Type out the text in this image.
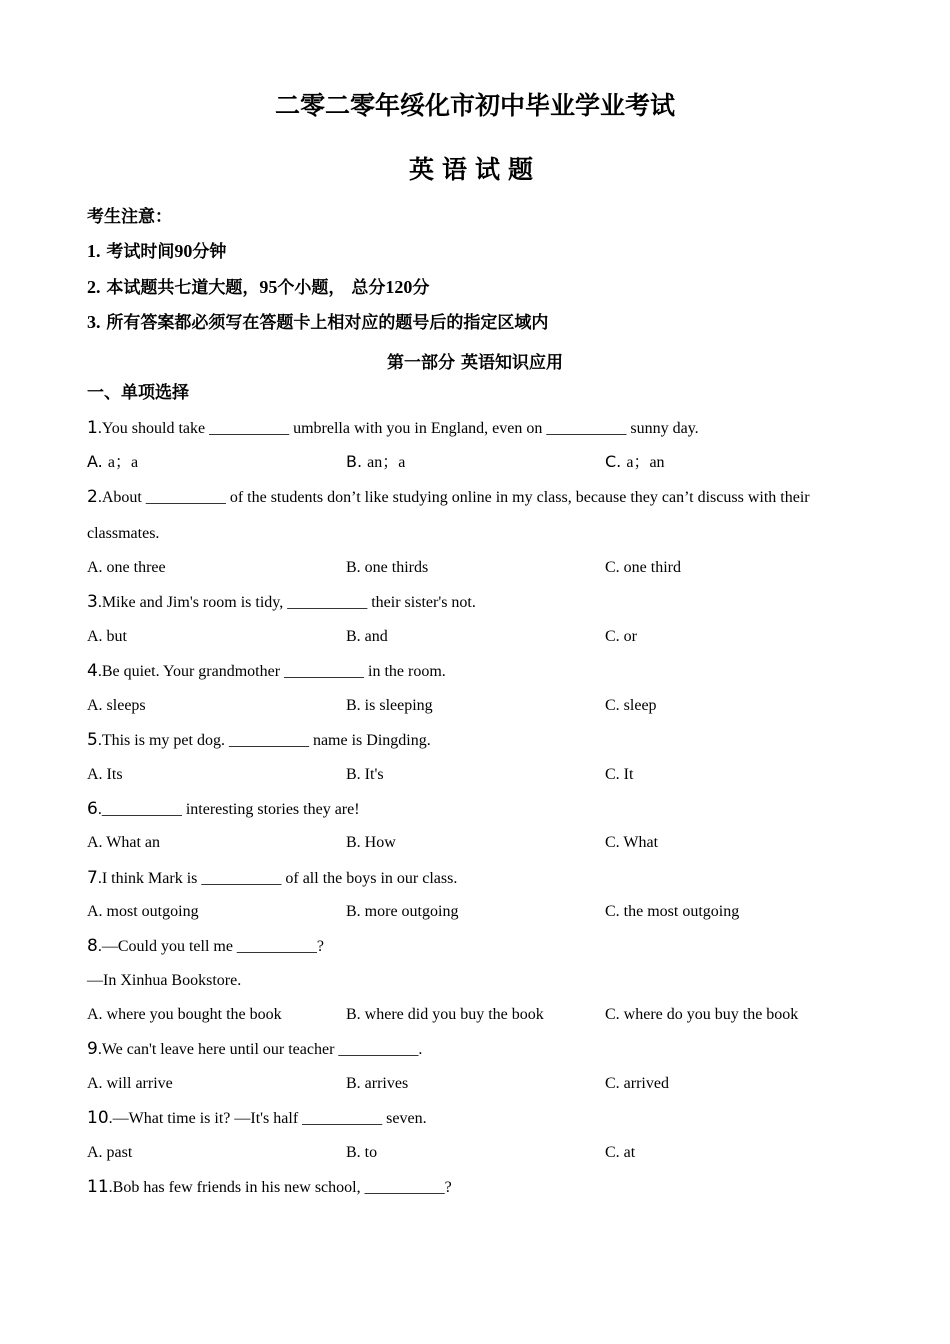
二零二零年绥化市初中毕业学业考试
英语试题
考生注意：
1. 考试时间90分钟
2. 本试题共七道大题，95个小题， 总分120分
3. 所有答案都必须写在答题卡上相对应的题号后的指定区域内
第一部分 英语知识应用
一、单项选择
1.You should take __________ umbrella with you in England, even on __________ sunny day.
A. a；a	B. an；a	C. a；an
2.About __________ of the students don’t like studying online in my class, because they can’t discuss with their
classmates.
A. one three	B. one thirds	C. one third
3.Mike and Jim's room is tidy, __________ their sister's not.
A. but	B. and	C. or
4.Be quiet. Your grandmother __________ in the room.
A. sleeps	B. is sleeping	C. sleep
5.This is my pet dog. __________ name is Dingding.
A. Its	B. It's	C. It
6.__________ interesting stories they are!
A. What an	B. How	C. What
7.I think Mark is __________ of all the boys in our class.
A. most outgoing	B. more outgoing	C. the most outgoing
8.—Could you tell me __________?
—In Xinhua Bookstore.
A. where you bought the book	B. where did you buy the book	C. where do you buy the book
9.We can't leave here until our teacher __________.
A. will arrive	B. arrives	C. arrived
10.—What time is it? —It's half __________ seven.
A. past	B. to	C. at
11.Bob has few friends in his new school, __________?
